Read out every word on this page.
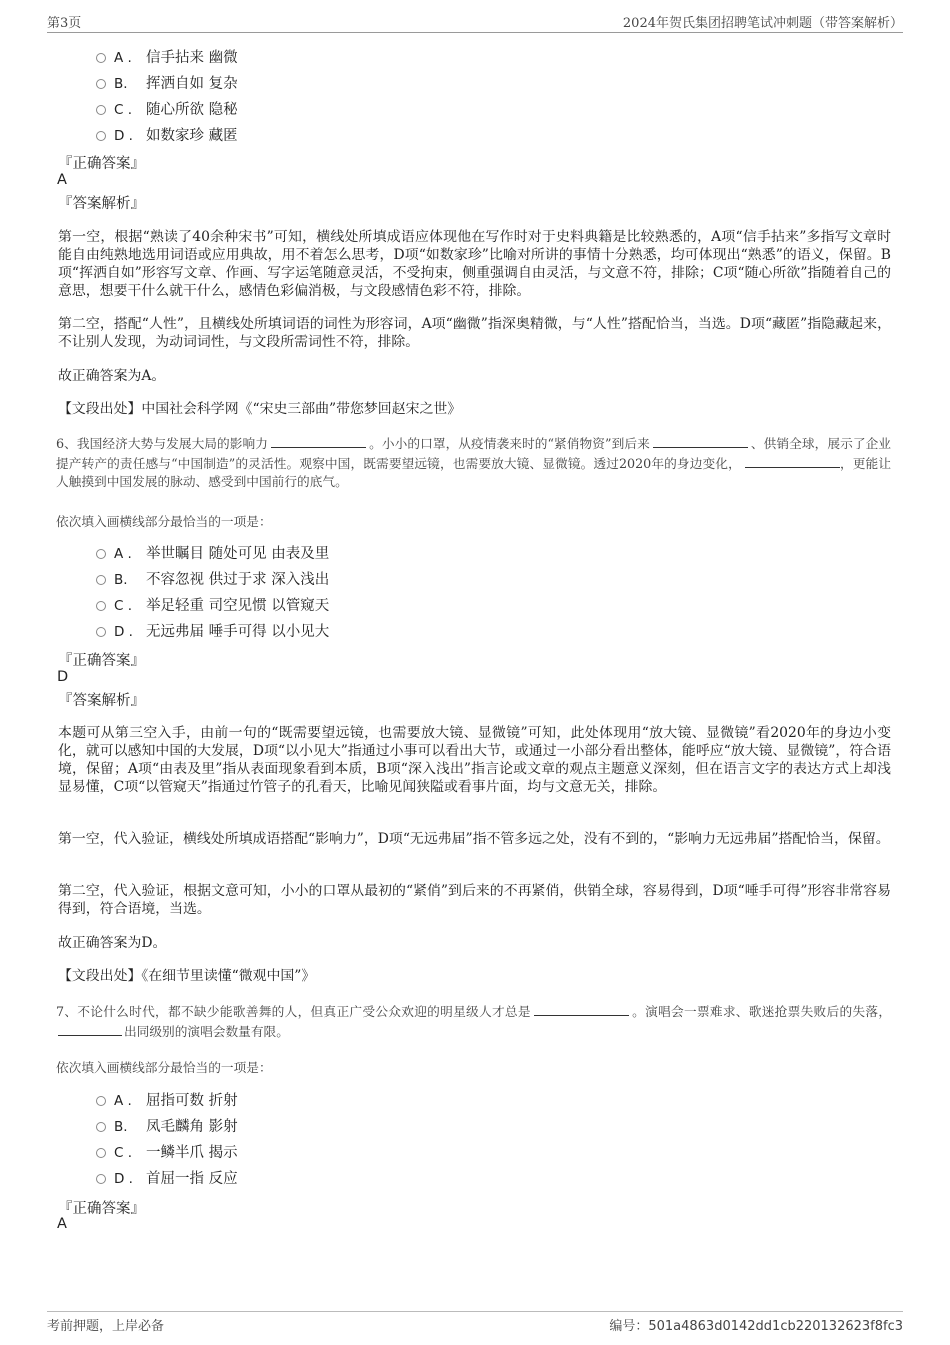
第3页	2024年贺氏集团招聘笔试冲刺题（带答案解析）
A . 信手拈来 幽微
B. 挥洒自如 复杂
C . 随心所欲 隐秘
D . 如数家珍 藏匿
『正确答案』
A
『答案解析』
第一空，根据“熟读了40余种宋书”可知，横线处所填成语应体现他在写作时对于史料典籍是比较熟悉的，A项“信手拈来”多指写文章时能自由纯熟地选用词语或应用典故，用不着怎么思考，D项“如数家珍”比喻对所讲的事情十分熟悉，均可体现出“熟悉”的语义，保留。B项“挥洒自如”形容写文章、作画、写字运笔随意灵活，不受拘束，侧重强调自由灵活，与文意不符，排除；C项“随心所欲”指随着自己的意思，想要干什么就干什么，感情色彩偏消极，与文段感情色彩不符，排除。
第二空，搭配“人性”，且横线处所填词语的词性为形容词，A项“幽微”指深奥精微，与“人性”搭配恰当，当选。D项“藏匿”指隐藏起来，不让别人发现，为动词词性，与文段所需词性不符，排除。
故正确答案为A。
【文段出处】中国社会科学网《“宋史三部曲”带您梦回赵宋之世》
6、我国经济大势与发展大局的影响力	。小小的口罩，从疫情袭来时的“紧俏物资”到后来	、供销全球，展示了企业提产转产的责任感与“中国制造”的灵活性。观察中国，既需要望远镜，也需要放大镜、显微镜。透过2020年的身边变化，	，更能让人触摸到中国发展的脉动、感受到中国前行的底气。
依次填入画横线部分最恰当的一项是：
A . 举世瞩目 随处可见 由表及里
B. 不容忽视 供过于求 深入浅出
C . 举足轻重 司空见惯 以管窥天
D . 无远弗届 唾手可得 以小见大
『正确答案』
D
『答案解析』
本题可从第三空入手，由前一句的“既需要望远镜，也需要放大镜、显微镜”可知，此处体现用“放大镜、显微镜”看2020年的身边小变化，就可以感知中国的大发展，D项“以小见大”指通过小事可以看出大节，或通过一小部分看出整体，能呼应“放大镜、显微镜”，符合语境，保留；A项“由表及里”指从表面现象看到本质，B项“深入浅出”指言论或文章的观点主题意义深刻，但在语言文字的表达方式上却浅显易懂，C项“以管窥天”指通过竹管子的孔看天，比喻见闻狭隘或看事片面，均与文意无关，排除。
第一空，代入验证，横线处所填成语搭配“影响力”，D项“无远弗届”指不管多远之处，没有不到的，“影响力无远弗届”搭配恰当，保留。
第二空，代入验证，根据文意可知，小小的口罩从最初的“紧俏”到后来的不再紧俏，供销全球，容易得到，D项“唾手可得”形容非常容易得到，符合语境，当选。
故正确答案为D。
【文段出处】《在细节里读懂“微观中国”》
7、不论什么时代，都不缺少能歌善舞的人，但真正广受公众欢迎的明星级人才总是	。演唱会一票难求、歌迷抢票失败后的失落，出同级别的演唱会数量有限。
依次填入画横线部分最恰当的一项是：
A . 屈指可数 折射
B. 凤毛麟角 影射
C . 一鳞半爪 揭示
D . 首屈一指 反应
『正确答案』
A
考前押题，上岸必备	编号：501a4863d0142dd1cb220132623f8fc3
